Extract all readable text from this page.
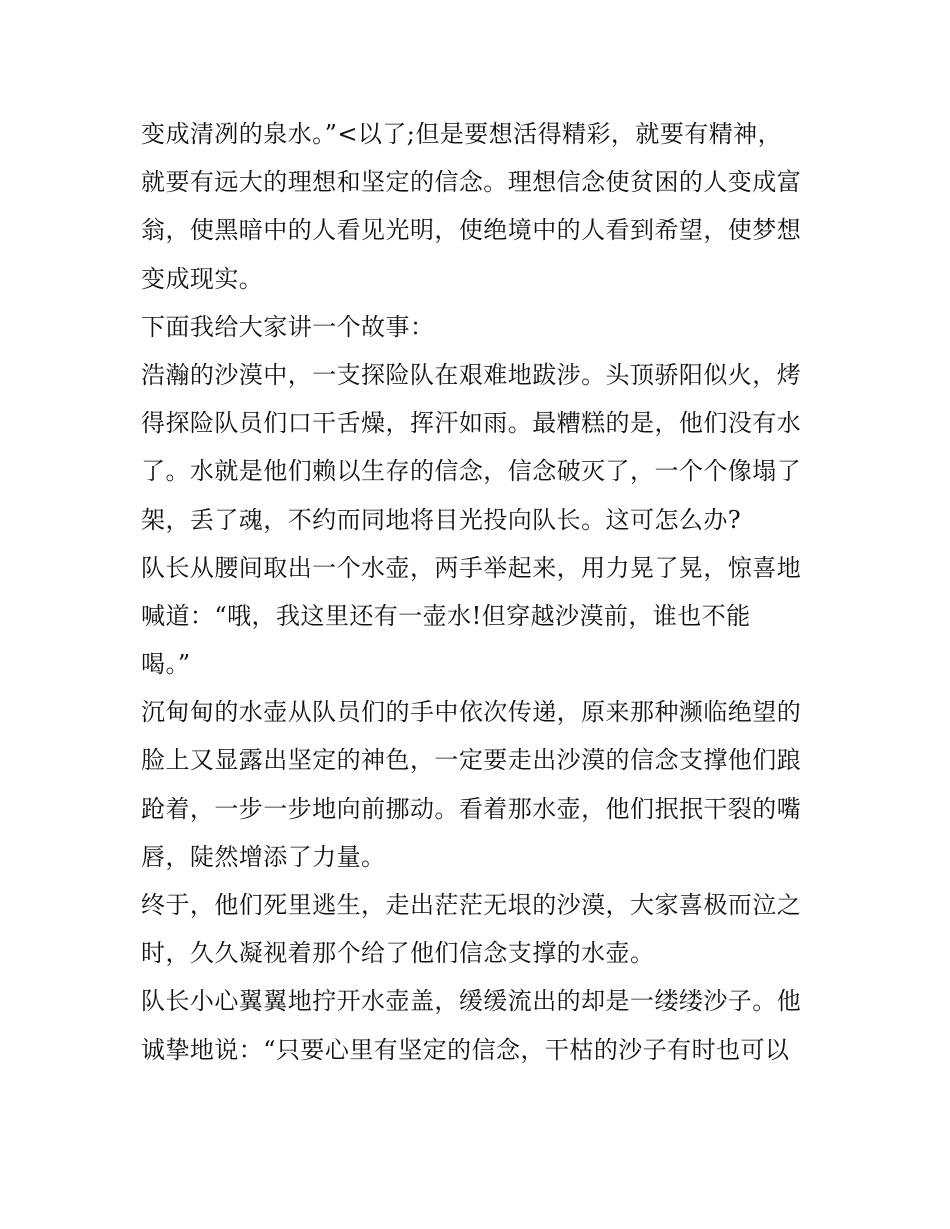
变成清冽的泉水。”<以了;但是要想活得精彩，就要有精神，
就要有远大的理想和坚定的信念。理想信念使贫困的人变成富
翁，使黑暗中的人看见光明，使绝境中的人看到希望，使梦想
变成现实。
下面我给大家讲一个故事：
浩瀚的沙漠中，一支探险队在艰难地跋涉。头顶骄阳似火，烤
得探险队员们口干舌燥，挥汗如雨。最糟糕的是，他们没有水
了。水就是他们赖以生存的信念，信念破灭了，一个个像塌了
架，丢了魂，不约而同地将目光投向队长。这可怎么办?
队长从腰间取出一个水壶，两手举起来，用力晃了晃，惊喜地
喊道：“哦，我这里还有一壶水!但穿越沙漠前，谁也不能
喝。”
沉甸甸的水壶从队员们的手中依次传递，原来那种濒临绝望的
脸上又显露出坚定的神色，一定要走出沙漠的信念支撑他们踉
跄着，一步一步地向前挪动。看着那水壶，他们抿抿干裂的嘴
唇，陡然增添了力量。
终于，他们死里逃生，走出茫茫无垠的沙漠，大家喜极而泣之
时，久久凝视着那个给了他们信念支撑的水壶。
队长小心翼翼地拧开水壶盖，缓缓流出的却是一缕缕沙子。他
诚挚地说：“只要心里有坚定的信念，干枯的沙子有时也可以
